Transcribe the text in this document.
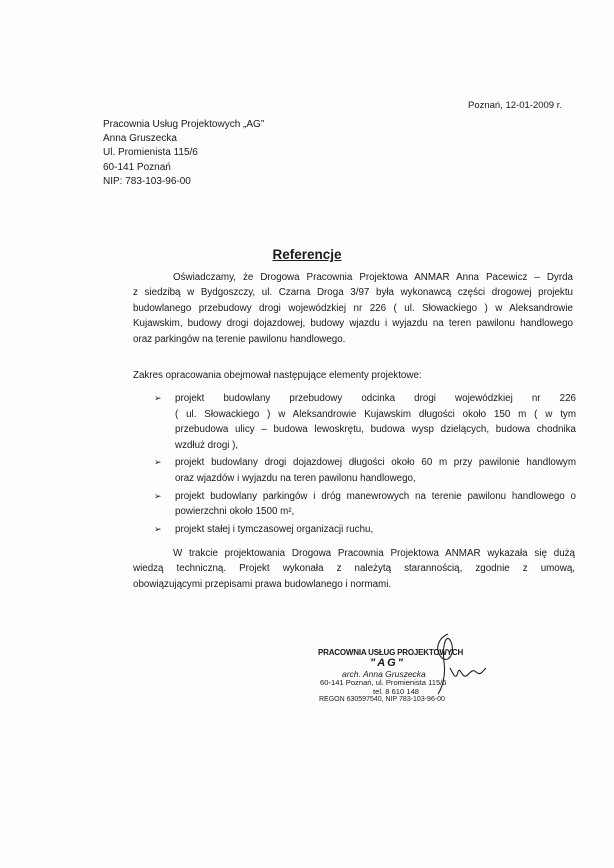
Poznań, 12-01-2009 r.
Pracownia Usług Projektowych „AG”
Anna Gruszecka
Ul. Promienista 115/6
60-141 Poznań
NIP: 783-103-96-00
Referencje
Oświadczamy, że Drogowa Pracownia Projektowa ANMAR Anna Pacewicz – Dyrda
z siedzibą w Bydgoszczy, ul. Czarna Droga 3/97 była wykonawcą części drogowej projektu
budowlanego przebudowy drogi wojewódzkiej nr 226 ( ul. Słowackiego ) w Aleksandrowie
Kujawskim, budowy drogi dojazdowej, budowy wjazdu i wyjazdu na teren pawilonu handlowego
oraz parkingów na terenie pawilonu handlowego.
Zakres opracowania obejmował następujące elementy projektowe:
➢ projekt budowlany przebudowy odcinka drogi wojewódzkiej nr 226
( ul. Słowackiego ) w Aleksandrowie Kujawskim długości około 150 m ( w tym
przebudowa ulicy – budowa lewoskrętu, budowa wysp dzielących, budowa chodnika
wzdłuż drogi ),
➢ projekt budowlany drogi dojazdowej długości około 60 m przy pawilonie handlowym
oraz wjazdów i wyjazdu na teren pawilonu handlowego,
➢ projekt budowlany parkingów i dróg manewrowych na terenie pawilonu handlowego o
powierzchni około 1500 m²,
➢ projekt stałej i tymczasowej organizacji ruchu,
W trakcie projektowania Drogowa Pracownia Projektowa ANMAR wykazała się dużą
wiedzą techniczną. Projekt wykonała z należytą starannością, zgodnie z umową,
obowiązującymi przepisami prawa budowlanego i normami.
PRACOWNIA USŁUG PROJEKTOWYCH
"AG"
arch. Anna Gruszecka
60-141 Poznań, ul. Promienista 115/6
tel. 8 610 148
REGON 630597540, NIP 783-103-96-00
